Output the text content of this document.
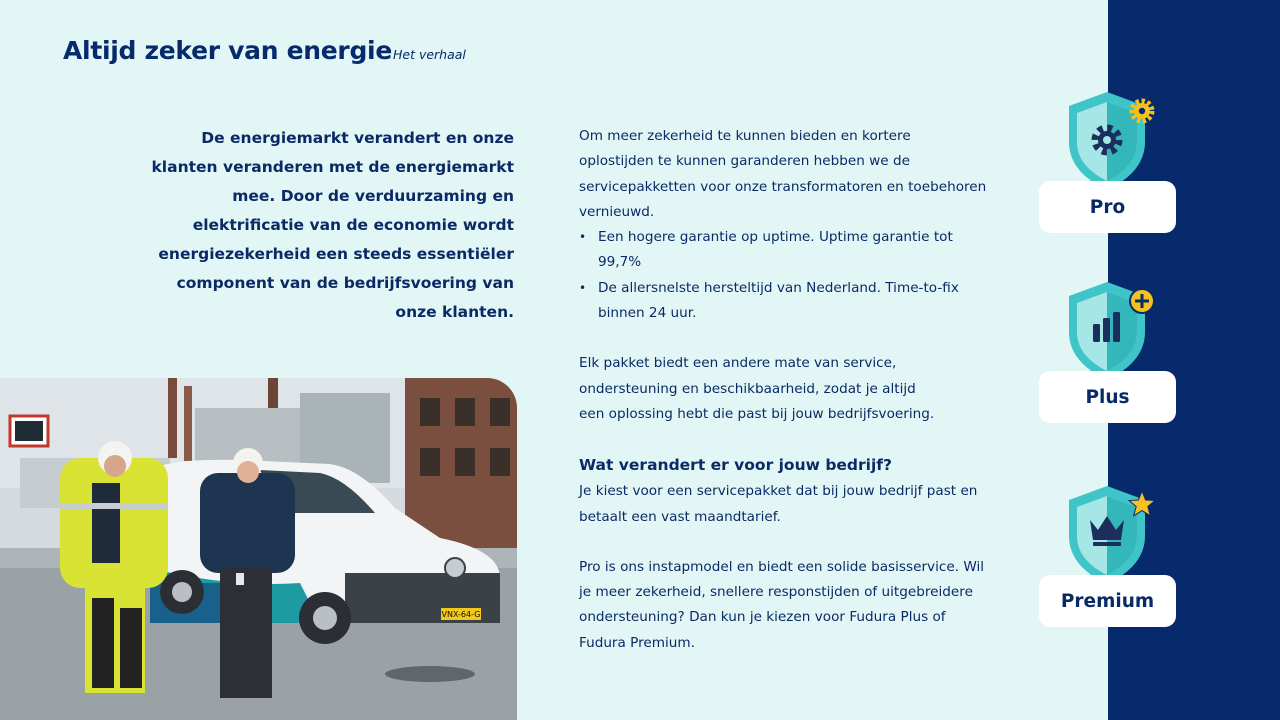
Altijd zeker van energieHet verhaal

De energiemarkt verandert en onze klanten veranderen met de energiemarkt mee. Door de verduurzaming en elektrificatie van de economie wordt energiezekerheid een steeds essentiëler component van de bedrijfsvoering van onze klanten.

VNX-64-G

Om meer zekerheid te kunnen bieden en kortere oplostijden te kunnen garanderen hebben we de servicepakketten voor onze transformatoren en toebehoren vernieuwd.

• Een hogere garantie op uptime. Uptime garantie tot 99,7%
• De allersnelste hersteltijd van Nederland. Time-to-fix binnen 24 uur.

Elk pakket biedt een andere mate van service, ondersteuning en beschikbaarheid, zodat je altijd
een oplossing hebt die past bij jouw bedrijfsvoering.

Wat verandert er voor jouw bedrijf?

Je kiest voor een servicepakket dat bij jouw bedrijf past en betaalt een vast maandtarief.

Pro is ons instapmodel en biedt een solide basisservice. Wil je meer zekerheid, snellere responstijden of uitgebreidere ondersteuning? Dan kun je kiezen voor Fudura Plus of Fudura Premium.

Pro
Plus
Premium
